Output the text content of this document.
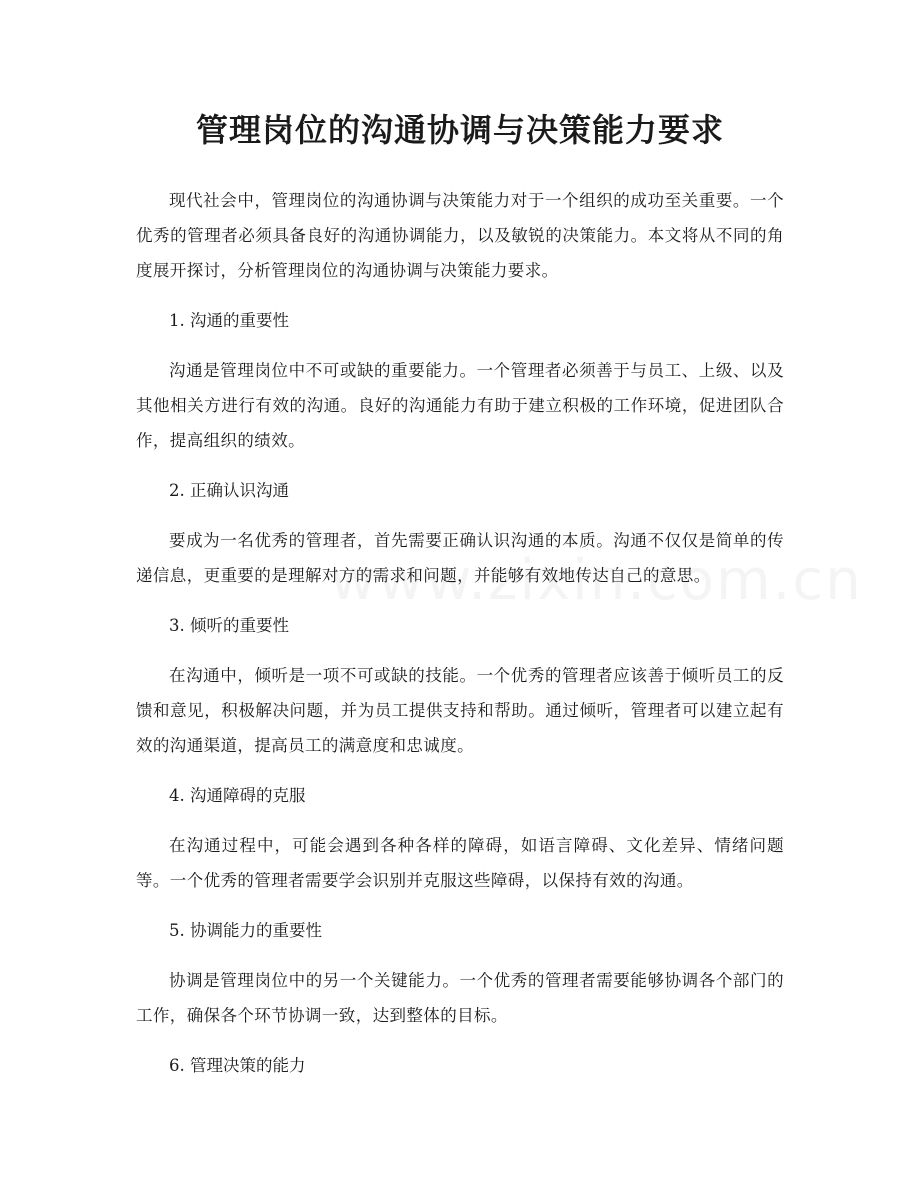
管理岗位的沟通协调与决策能力要求

现代社会中，管理岗位的沟通协调与决策能力对于一个组织的成功至关重要。一个优秀的管理者必须具备良好的沟通协调能力，以及敏锐的决策能力。本文将从不同的角度展开探讨，分析管理岗位的沟通协调与决策能力要求。

1. 沟通的重要性

沟通是管理岗位中不可或缺的重要能力。一个管理者必须善于与员工、上级、以及其他相关方进行有效的沟通。良好的沟通能力有助于建立积极的工作环境，促进团队合作，提高组织的绩效。

2. 正确认识沟通

要成为一名优秀的管理者，首先需要正确认识沟通的本质。沟通不仅仅是简单的传递信息，更重要的是理解对方的需求和问题，并能够有效地传达自己的意思。

3. 倾听的重要性

在沟通中，倾听是一项不可或缺的技能。一个优秀的管理者应该善于倾听员工的反馈和意见，积极解决问题，并为员工提供支持和帮助。通过倾听，管理者可以建立起有效的沟通渠道，提高员工的满意度和忠诚度。

4. 沟通障碍的克服

在沟通过程中，可能会遇到各种各样的障碍，如语言障碍、文化差异、情绪问题等。一个优秀的管理者需要学会识别并克服这些障碍，以保持有效的沟通。

5. 协调能力的重要性

协调是管理岗位中的另一个关键能力。一个优秀的管理者需要能够协调各个部门的工作，确保各个环节协调一致，达到整体的目标。

6. 管理决策的能力
